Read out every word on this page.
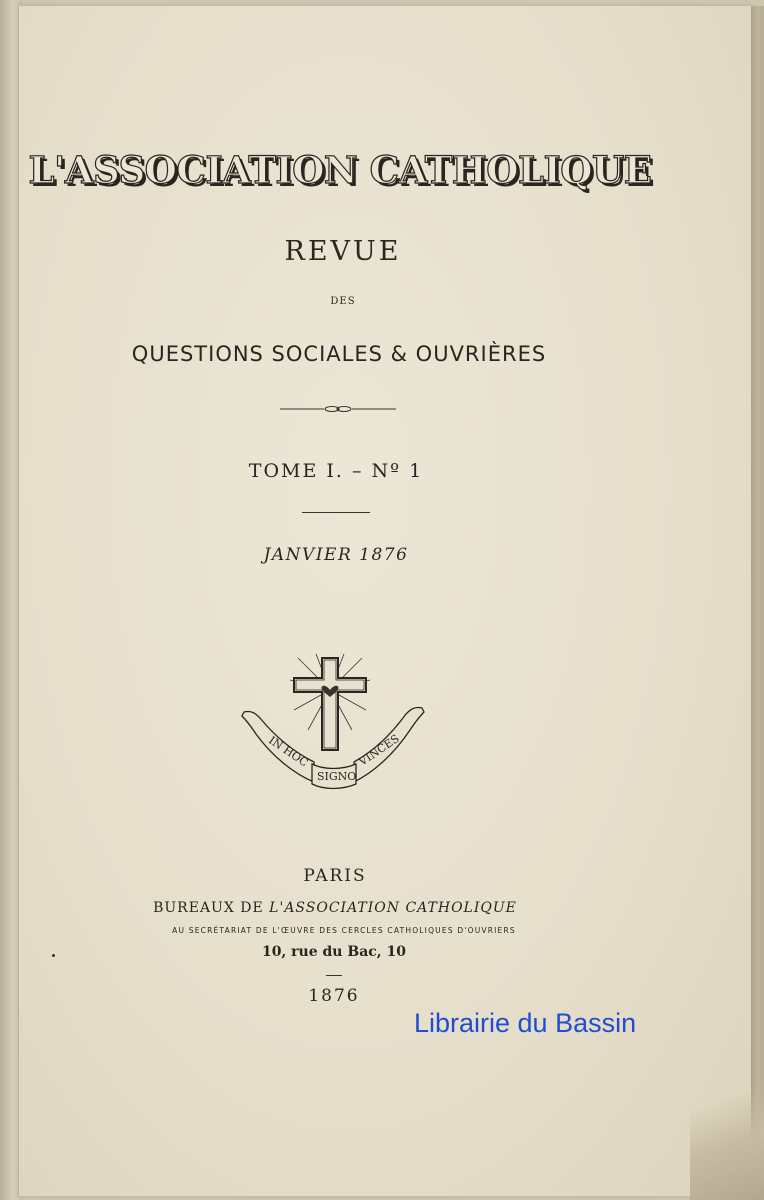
L'ASSOCIATION CATHOLIQUE
REVUE
DES
QUESTIONS SOCIALES & OUVRIÈRES
TOME I. – Nº 1
JANVIER 1876
IN HOC
SIGNO
VINCES
PARIS
BUREAUX DE L'ASSOCIATION CATHOLIQUE
AU SECRÉTARIAT DE L'ŒUVRE DES CERCLES CATHOLIQUES D'OUVRIERS
10, rue du Bac, 10
1876
Librairie du Bassin
